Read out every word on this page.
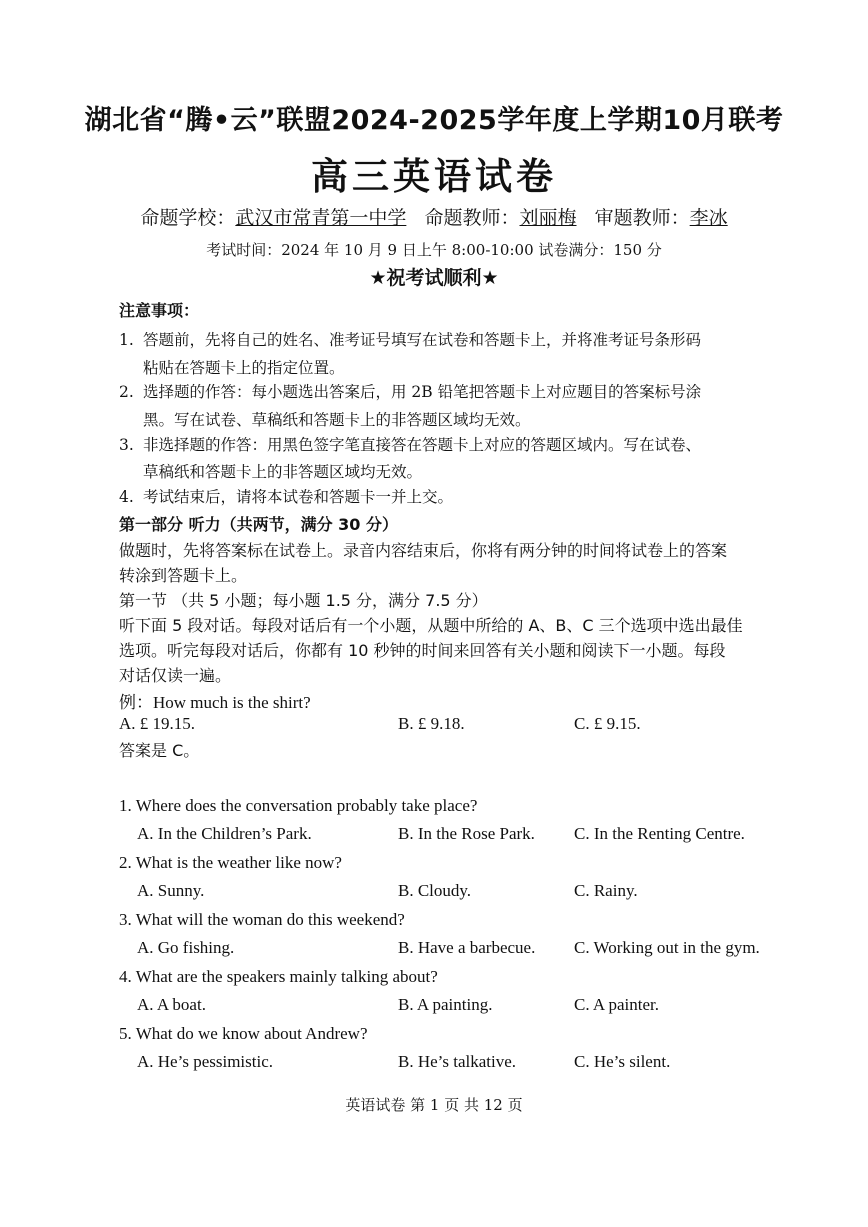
湖北省“腾•云”联盟2024-2025学年度上学期10月联考
高三英语试卷
命题学校：武汉市常青第一中学 命题教师：刘丽梅 审题教师：李冰
考试时间：2024 年 10 月 9 日上午 8:00-10:00 试卷满分：150 分
★祝考试顺利★
注意事项：
1. 答题前，先将自己的姓名、准考证号填写在试卷和答题卡上，并将准考证号条形码
粘贴在答题卡上的指定位置。
2. 选择题的作答：每小题选出答案后，用 2B 铅笔把答题卡上对应题目的答案标号涂
黑。写在试卷、草稿纸和答题卡上的非答题区域均无效。
3. 非选择题的作答：用黑色签字笔直接答在答题卡上对应的答题区域内。写在试卷、
草稿纸和答题卡上的非答题区域均无效。
4. 考试结束后，请将本试卷和答题卡一并上交。
第一部分 听力（共两节，满分 30 分）
做题时，先将答案标在试卷上。录音内容结束后，你将有两分钟的时间将试卷上的答案
转涂到答题卡上。
第一节 （共 5 小题；每小题 1.5 分，满分 7.5 分）
听下面 5 段对话。每段对话后有一个小题，从题中所给的 A、B、C 三个选项中选出最佳
选项。听完每段对话后，你都有 10 秒钟的时间来回答有关小题和阅读下一小题。每段
对话仅读一遍。
例：How much is the shirt?
A. £ 19.15.	B. £ 9.18.	C. £ 9.15.
答案是 C。
1. Where does the conversation probably take place?
A. In the Children’s Park.	B. In the Rose Park. C. In the Renting Centre.
2. What is the weather like now?
A. Sunny.	B. Cloudy.	C. Rainy.
3. What will the woman do this weekend?
A. Go fishing.	B. Have a barbecue. C. Working out in the gym.
4. What are the speakers mainly talking about?
A. A boat.	B. A painting.	C. A painter.
5. What do we know about Andrew?
A. He’s pessimistic.	B. He’s talkative.	C. He’s silent.
英语试卷 第 1 页 共 12 页
